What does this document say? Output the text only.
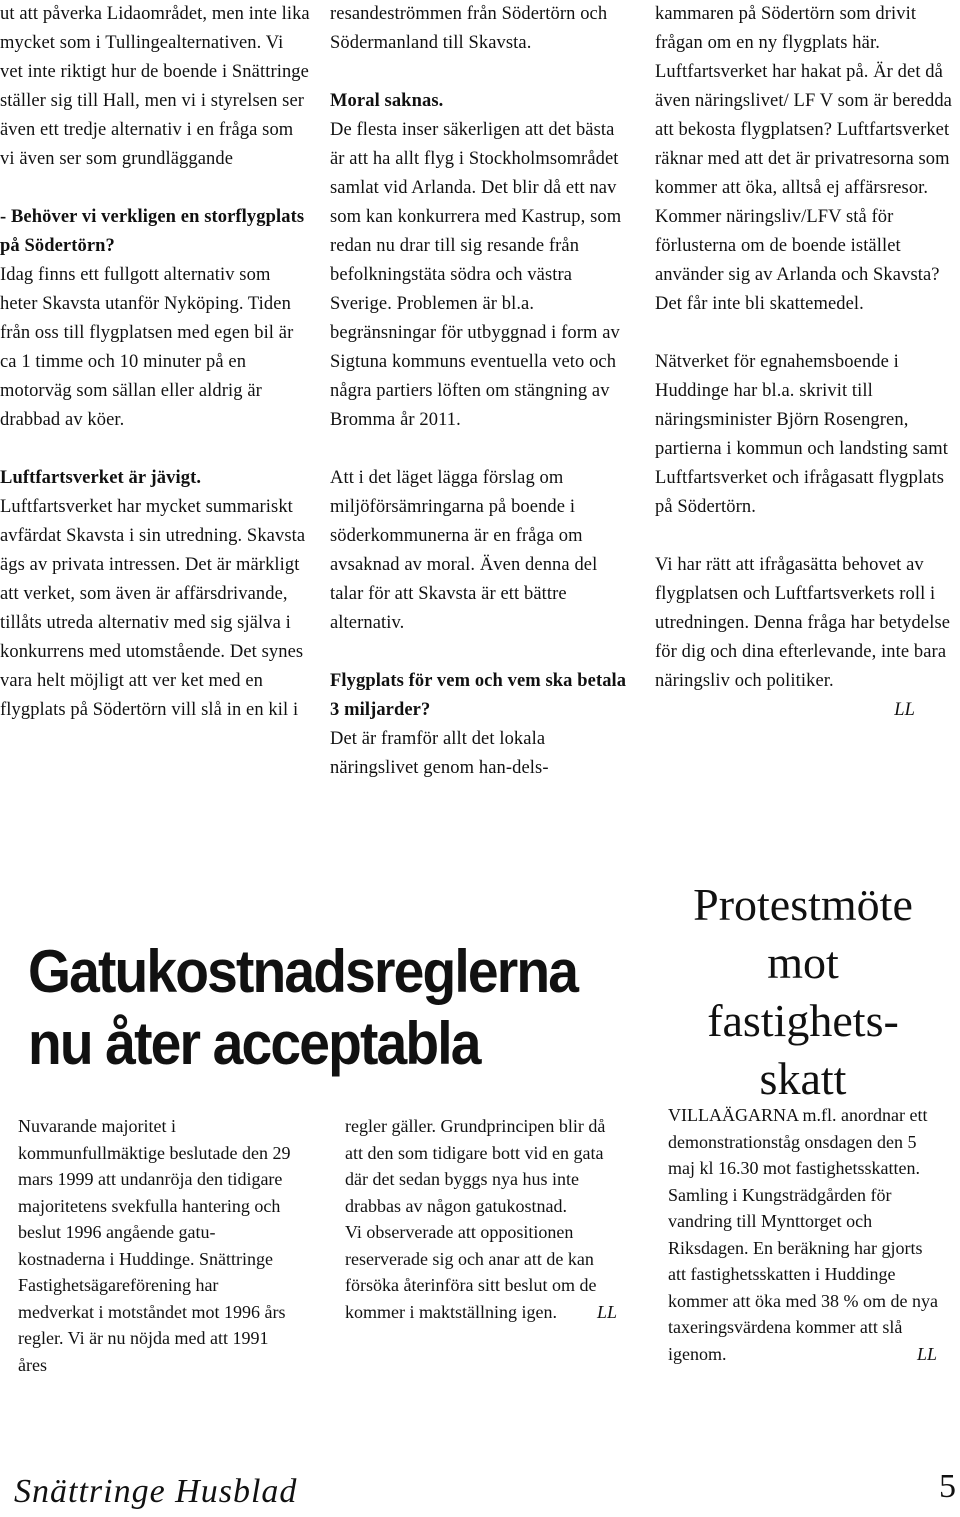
ut att påverka Lidaområdet, men inte lika mycket som i Tullingealternativen. Vi vet inte riktigt hur de boende i Snättringe ställer sig till Hall, men vi i styrelsen ser även ett tredje alternativ i en fråga som vi även ser som grundläggande

- Behöver vi verkligen en storflygplats på Södertörn?

Idag finns ett fullgott alternativ som heter Skavsta utanför Nyköping. Tiden från oss till flygplatsen med egen bil är ca 1 timme och 10 minuter på en motorväg som sällan eller aldrig är drabbad av köer.

Luftfartsverket är jävigt.

Luftfartsverket har mycket summariskt avfärdat Skavsta i sin utredning. Skavsta ägs av privata intressen. Det är märkligt att verket, som även är affärsdrivande, tillåts utreda alternativ med sig själva i konkurrens med utomstående. Det synes vara helt möjligt att ver ket med en flygplats på Södertörn vill slå in en kil i

resandeströmmen från Södertörn och Södermanland till Skavsta.

Moral saknas.

De flesta inser säkerligen att det bästa är att ha allt flyg i Stockholmsområdet samlat vid Arlanda. Det blir då ett nav som kan konkurrera med Kastrup, som redan nu drar till sig resande från befolkningstäta södra och västra Sverige. Problemen är bl.a. begränsningar för utbyggnad i form av Sigtuna kommuns eventuella veto och några partiers löften om stängning av Bromma år 2011.

Att i det läget lägga förslag om miljöförsämringarna på boende i söderkommunerna är en fråga om avsaknad av moral. Även denna del talar för att Skavsta är ett bättre alternativ.

Flygplats för vem och vem ska betala 3 miljarder?

Det är framför allt det lokala näringslivet genom han-dels-

kammaren på Södertörn som drivit frågan om en ny flygplats här. Luftfartsverket har hakat på. Är det då även näringslivet/ LF V som är beredda att bekosta flygplatsen? Luftfartsverket räknar med att det är privatresorna som kommer att öka, alltså ej affärsresor. Kommer näringsliv/LFV stå för förlusterna om de boende istället använder sig av Arlanda och Skavsta? Det får inte bli skattemedel.

Nätverket för egnahemsboende i Huddinge har bl.a. skrivit till näringsminister Björn Rosengren, partierna i kommun och landsting samt Luftfartsverket och ifrågasatt flygplats på Södertörn.

Vi har rätt att ifrågasätta behovet av flygplatsen och Luftfartsverkets roll i utredningen. Denna fråga har betydelse för dig och dina efterlevande, inte bara näringsliv och politiker.

LL

Gatukostnadsreglerna

nu åter acceptabla

Nuvarande majoritet i kommunfullmäktige beslutade den 29 mars 1999 att undanröja den tidigare majoritetens svekfulla hantering och beslut 1996 angående gatu-kostnaderna i Huddinge. Snättringe Fastighetsägareförening har medverkat i motståndet mot 1996 års regler. Vi är nu nöjda med att 1991 åres

regler gäller. Grundprincipen blir då att den som tidigare bott vid en gata där det sedan byggs nya hus inte drabbas av någon gatukostnad.

Vi observerade att oppositionen reserverade sig och anar att de kan försöka återinföra sitt beslut om de kommer i maktställning igen.	LL

Protestmöte mot fastighets-skatt

VILLAÄGARNA m.fl. anordnar ett demonstrationståg onsdagen den 5 maj kl 16.30 mot fastighetsskatten. Samling i Kungsträdgården för vandring till Mynttorget och Riksdagen. En beräkning har gjorts att fastighetsskatten i Huddinge kommer att öka med 38 % om de nya taxeringsvärdena kommer att slå igenom.	LL

Snättringe Husblad	5
